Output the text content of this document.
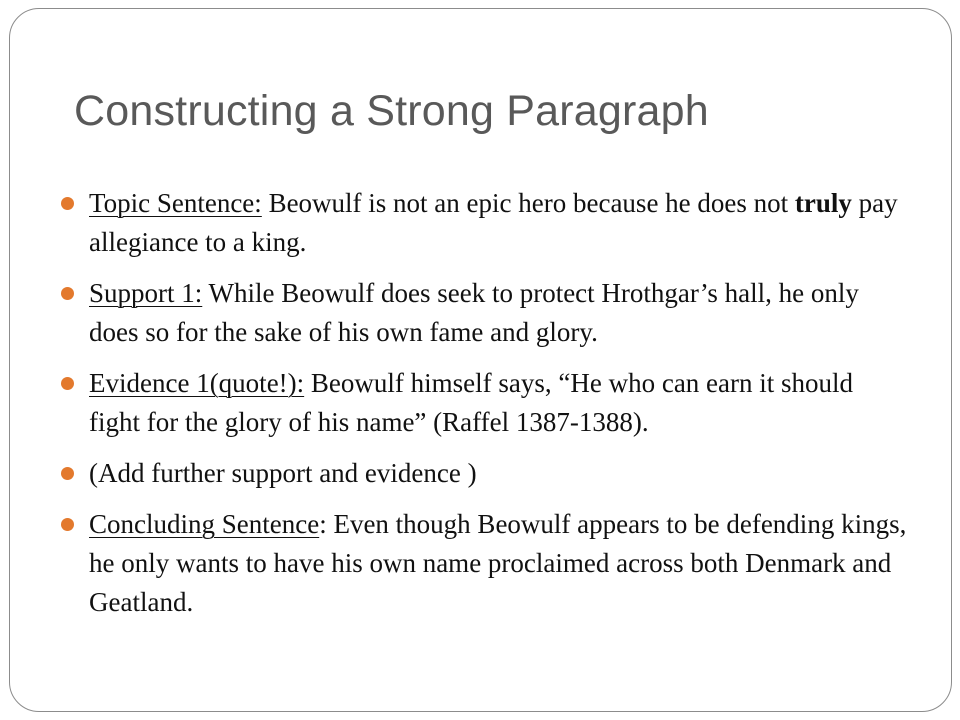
Constructing a Strong Paragraph
Topic Sentence: Beowulf is not an epic hero because he does not truly pay allegiance to a king.
Support 1: While Beowulf does seek to protect Hrothgar’s hall, he only does so for the sake of his own fame and glory.
Evidence 1(quote!): Beowulf himself says, “He who can earn it should fight for the glory of his name” (Raffel 1387-1388).
(Add further support and evidence )
Concluding Sentence: Even though Beowulf appears to be defending kings, he only wants to have his own name proclaimed across both Denmark and Geatland.
